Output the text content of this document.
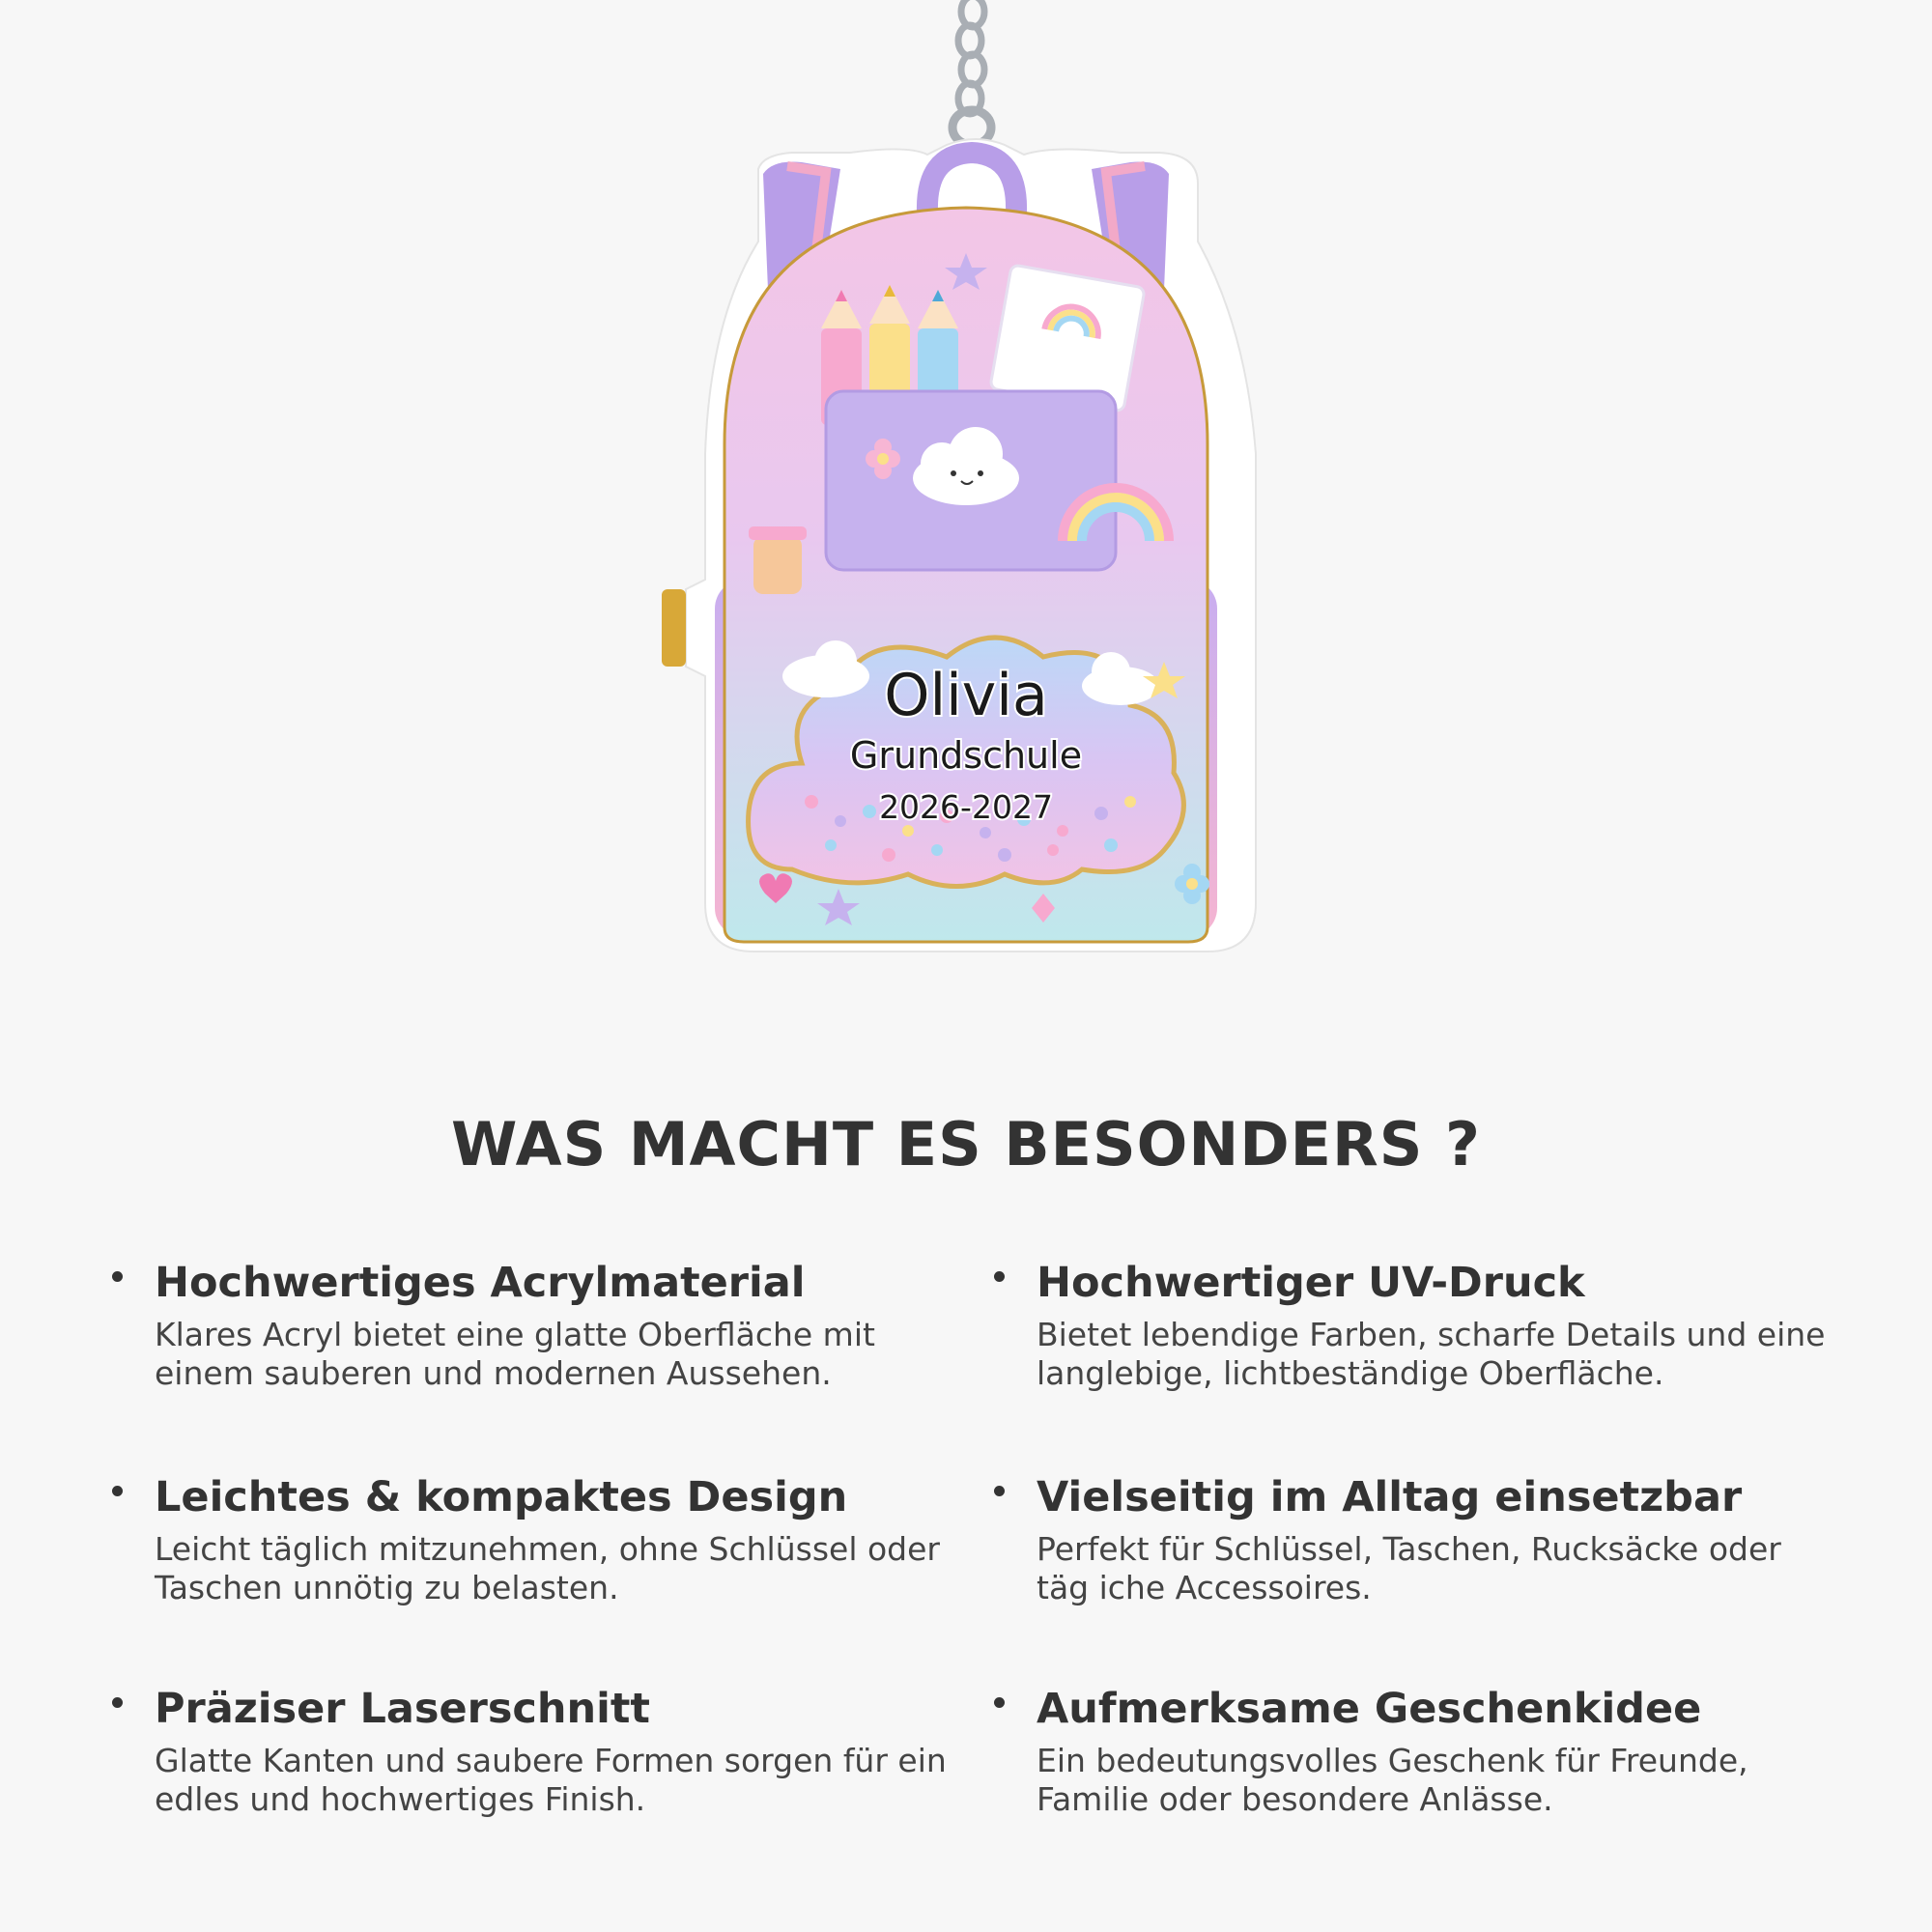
Olivia
Grundschule
2026-2027
WAS MACHT ES BESONDERS ?
Hochwertiges Acrylmaterial
Klares Acryl bietet eine glatte Oberfläche mit einem sauberen und modernen Aussehen.
Hochwertiger UV-Druck
Bietet lebendige Farben, scharfe Details und eine langlebige, lichtbeständige Oberfläche.
Leichtes & kompaktes Design
Leicht täglich mitzunehmen, ohne Schlüssel oder Taschen unnötig zu belasten.
Vielseitig im Alltag einsetzbar
Perfekt für Schlüssel, Taschen, Rucksäcke oder täg iche Accessoires.
Präziser Laserschnitt
Glatte Kanten und saubere Formen sorgen für ein edles und hochwertiges Finish.
Aufmerksame Geschenkidee
Ein bedeutungsvolles Geschenk für Freunde, Familie oder besondere Anlässe.
